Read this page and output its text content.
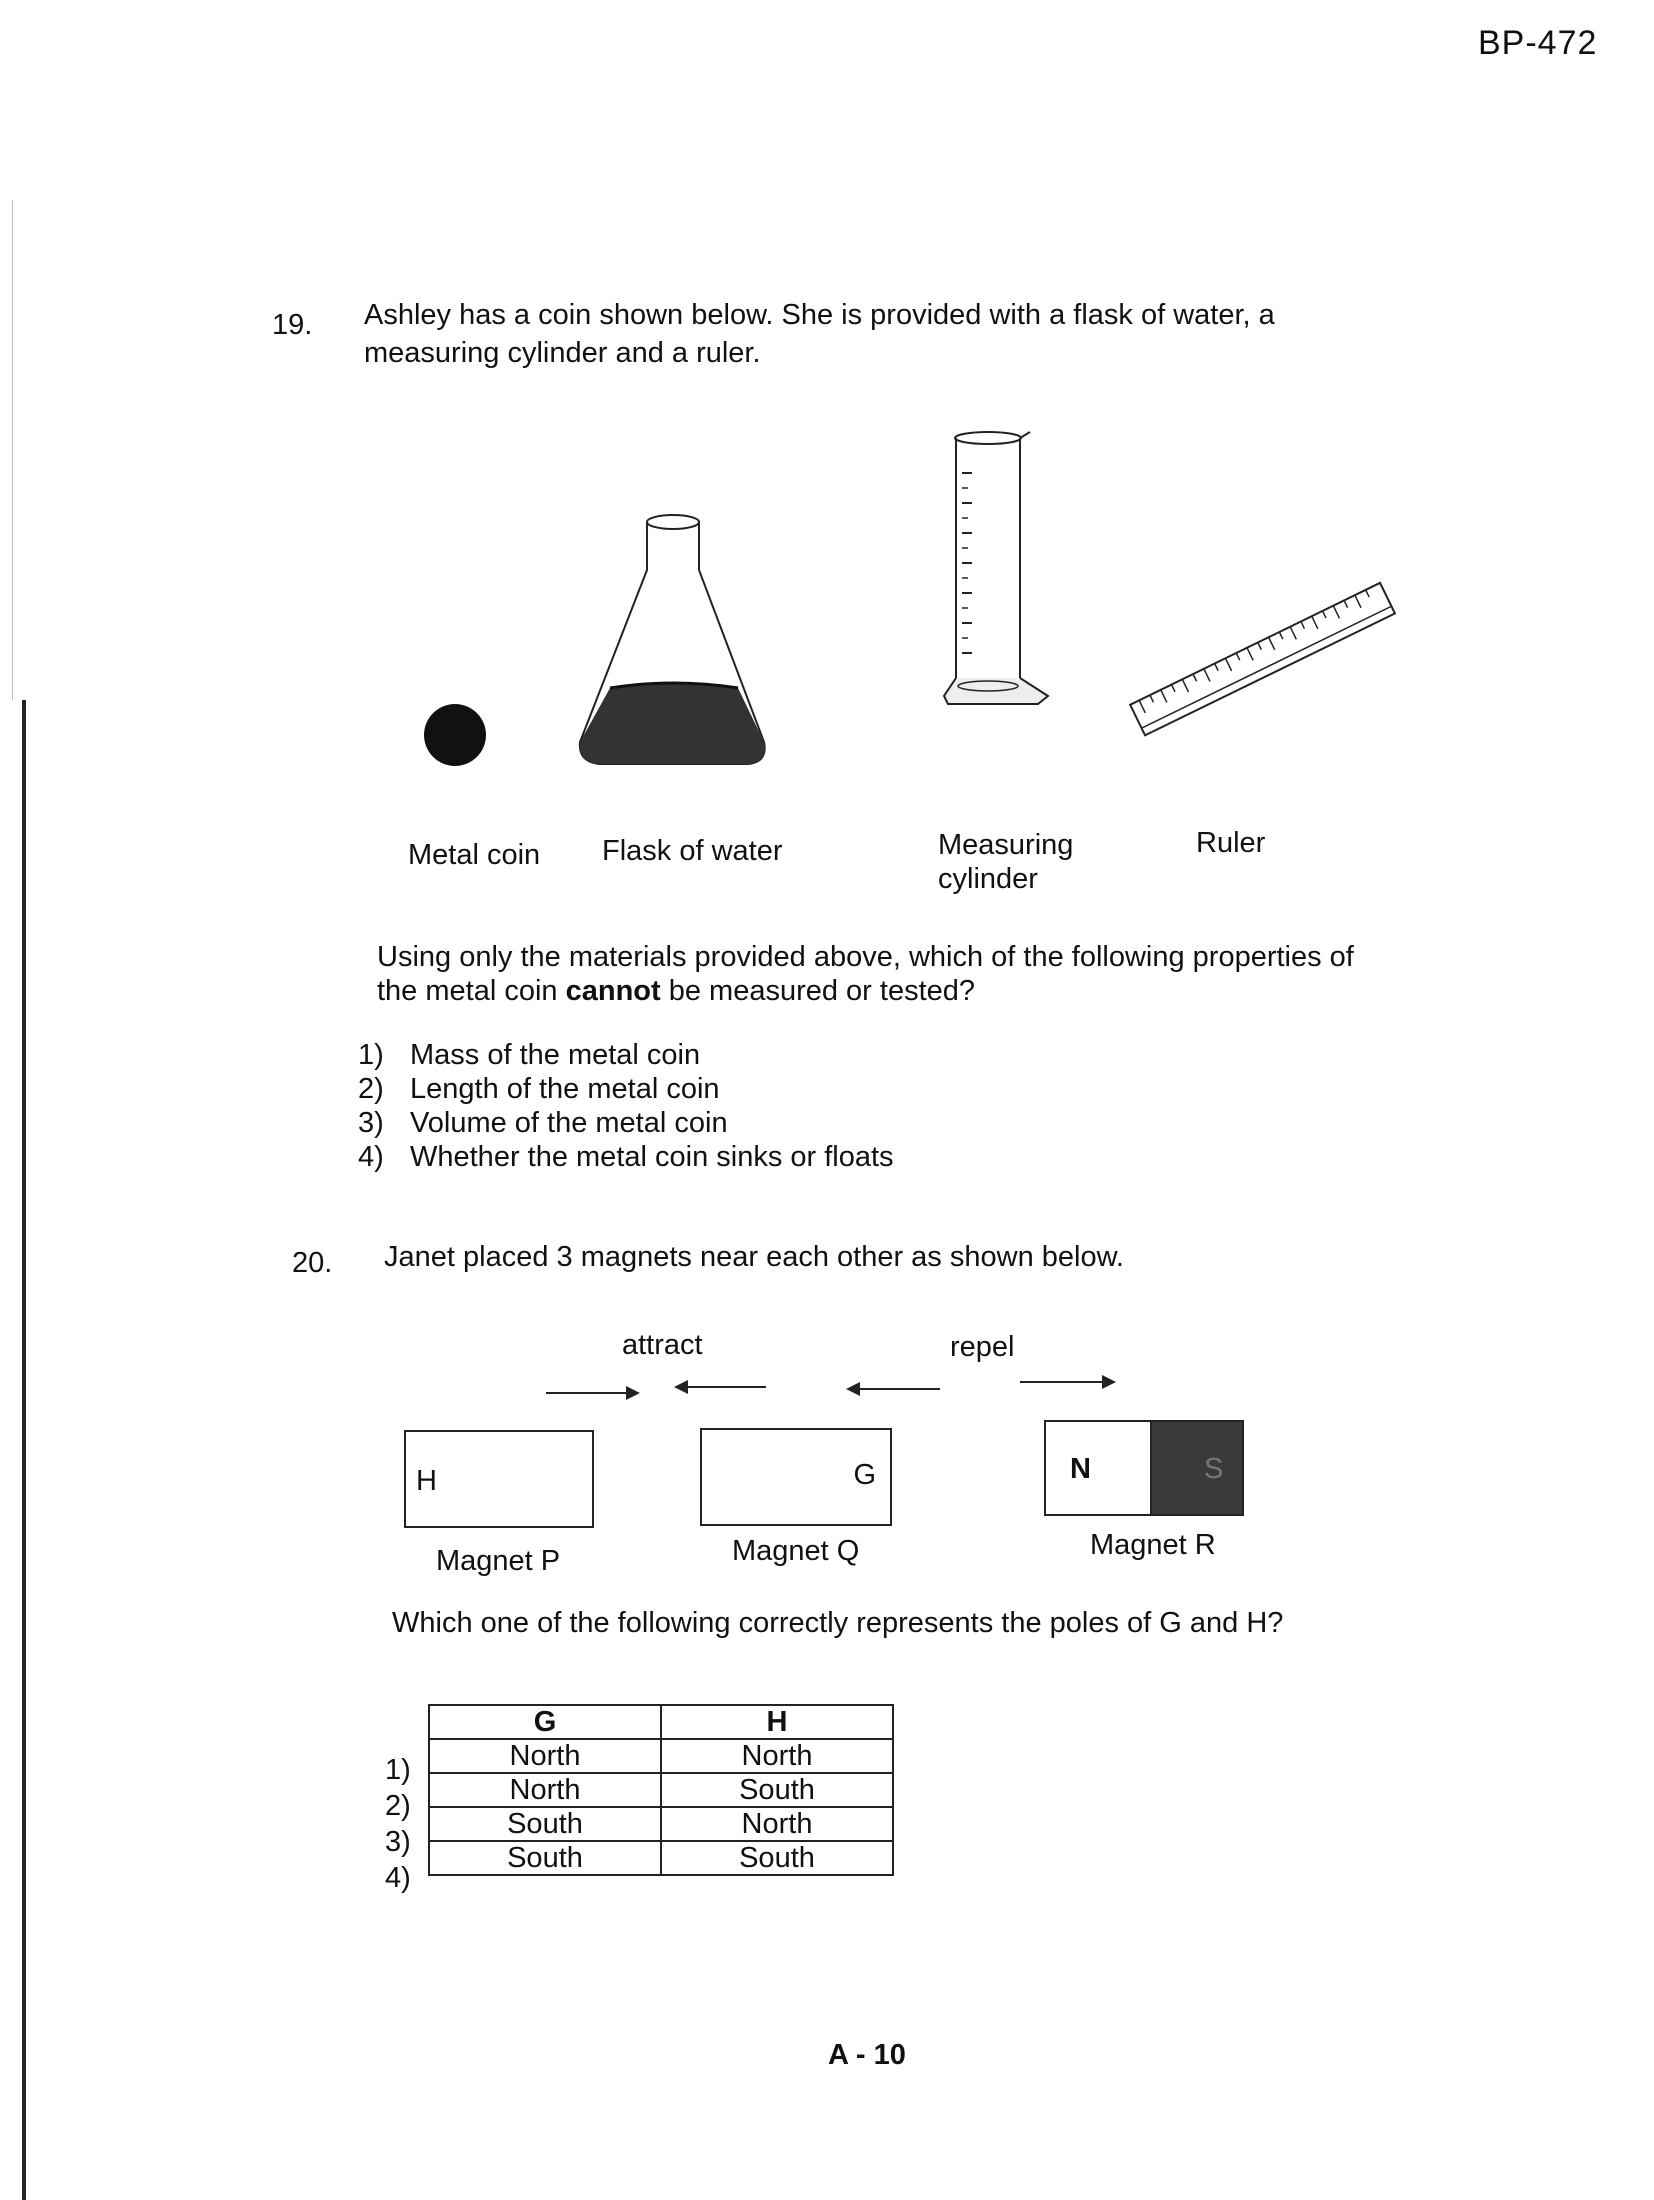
BP-472
19. Ashley has a coin shown below. She is provided with a flask of water, a
measuring cylinder and a ruler.
Metal coin Flask of water	Measuring
cylinder
Ruler
Using only the materials provided above, which of the following properties of
the metal coin cannot be measured or tested?
1) Mass of the metal coin
2) Length of the metal coin
3) Volume of the metal coin
4) Whether the metal coin sinks or floats
20. Janet placed 3 magnets near each other as shown below.
attract	repel
H	G	N	S
Magnet P	Magnet Q	Magnet R
Which one of the following correctly represents the poles of G and H?
1)
2)
3)
4)
G	H
North	North
North	South
South	North
South	South
A - 10
